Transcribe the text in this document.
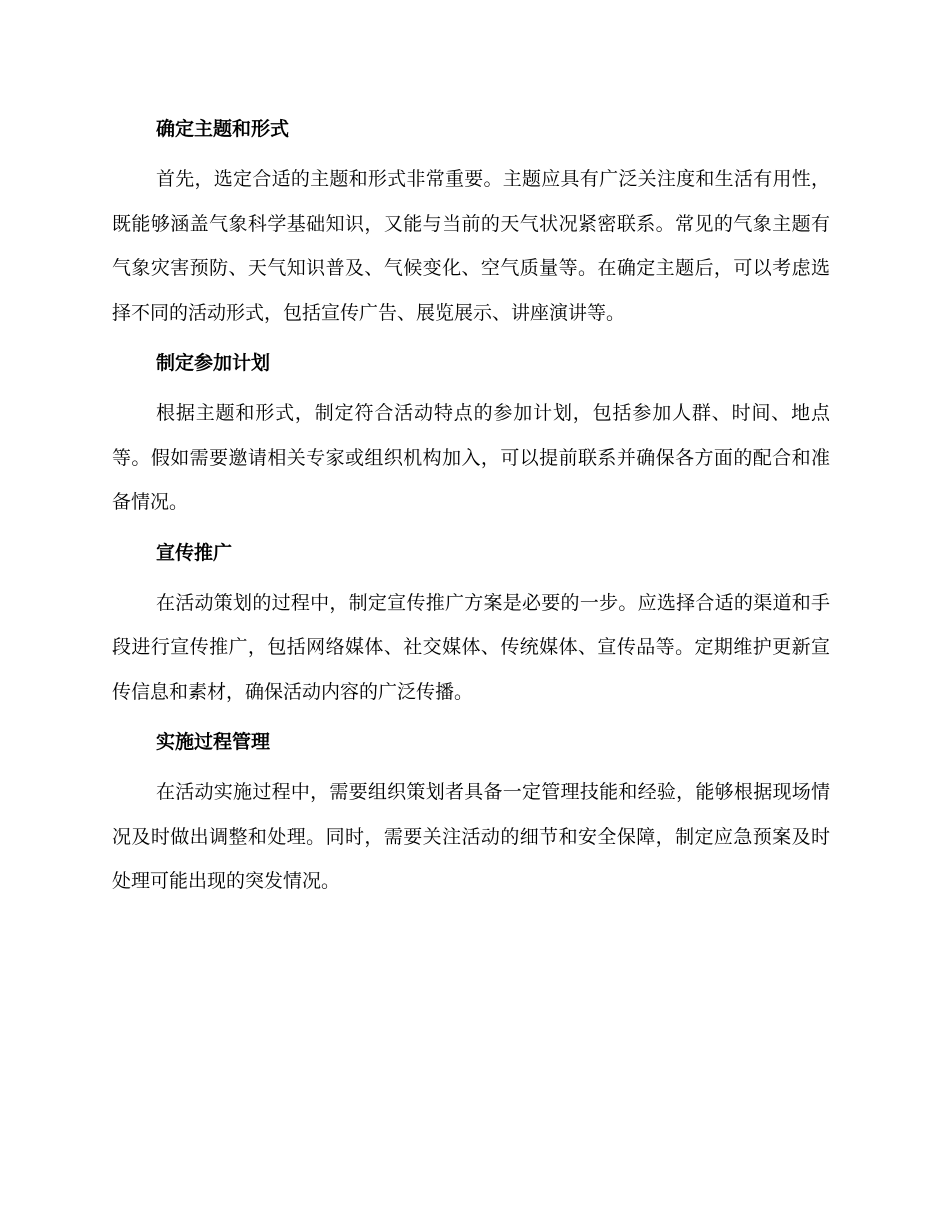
确定主题和形式

首先，选定合适的主题和形式非常重要。主题应具有广泛关注度和生活有用性，既能够涵盖气象科学基础知识，又能与当前的天气状况紧密联系。常见的气象主题有气象灾害预防、天气知识普及、气候变化、空气质量等。在确定主题后，可以考虑选择不同的活动形式，包括宣传广告、展览展示、讲座演讲等。

制定参加计划

根据主题和形式，制定符合活动特点的参加计划，包括参加人群、时间、地点等。假如需要邀请相关专家或组织机构加入，可以提前联系并确保各方面的配合和准备情况。

宣传推广

在活动策划的过程中，制定宣传推广方案是必要的一步。应选择合适的渠道和手段进行宣传推广，包括网络媒体、社交媒体、传统媒体、宣传品等。定期维护更新宣传信息和素材，确保活动内容的广泛传播。

实施过程管理

在活动实施过程中，需要组织策划者具备一定管理技能和经验，能够根据现场情况及时做出调整和处理。同时，需要关注活动的细节和安全保障，制定应急预案及时处理可能出现的突发情况。
